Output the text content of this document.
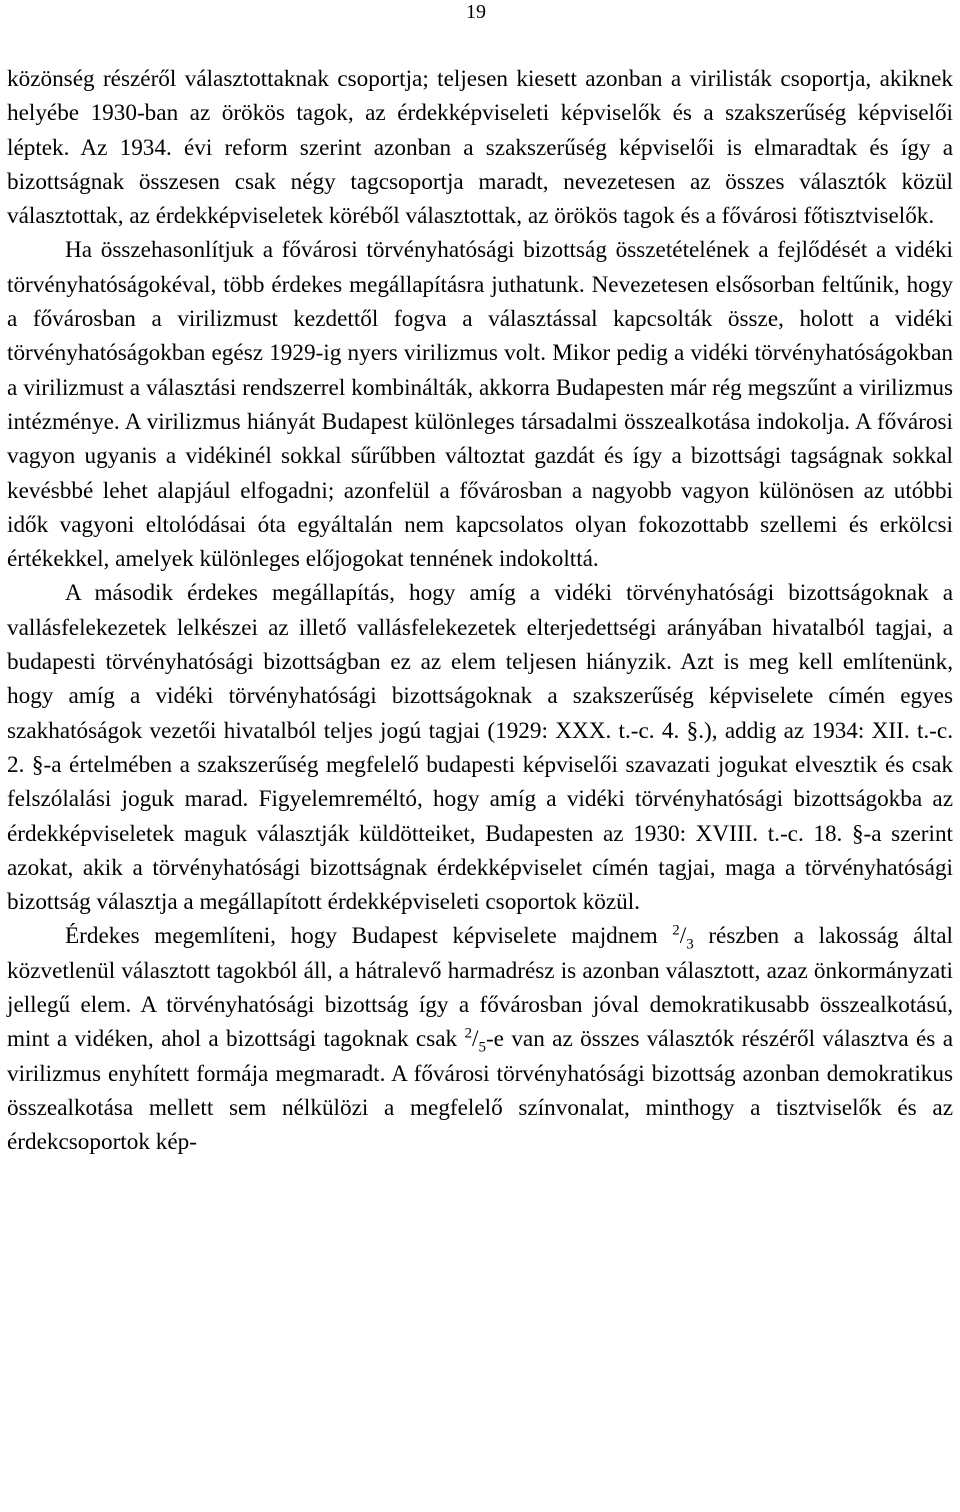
19

közönség részéről választottaknak csoportja; teljesen kiesett azonban a virilisták csoportja, akiknek helyébe 1930-ban az örökös tagok, az érdekképviseleti képviselők és a szakszerűség képviselői léptek. Az 1934. évi reform szerint azonban a szakszerűség képviselői is elmaradtak és így a bizottságnak összesen csak négy tagcsoportja maradt, nevezetesen az összes választók közül választottak, az érdekképviseletek köréből választottak, az örökös tagok és a fővárosi főtisztviselők.

Ha összehasonlítjuk a fővárosi törvényhatósági bizottság összetételének a fejlődését a vidéki törvényhatóságokéval, több érdekes megállapításra juthatunk. Nevezetesen elsősorban feltűnik, hogy a fővárosban a virilizmust kezdettől fogva a választással kapcsolták össze, holott a vidéki törvényhatóságokban egész 1929-ig nyers virilizmus volt. Mikor pedig a vidéki törvényhatóságokban a virilizmust a választási rendszerrel kombinálták, akkorra Budapesten már rég megszűnt a virilizmus intézménye. A virilizmus hiányát Budapest különleges társadalmi összealkotása indokolja. A fővárosi vagyon ugyanis a vidékinél sokkal sűrűbben változtat gazdát és így a bizottsági tagságnak sokkal kevésbbé lehet alapjául elfogadni; azonfelül a fővárosban a nagyobb vagyon különösen az utóbbi idők vagyoni eltolódásai óta egyáltalán nem kapcsolatos olyan fokozottabb szellemi és erkölcsi értékekkel, amelyek különleges előjogokat tennének indokolttá.

A második érdekes megállapítás, hogy amíg a vidéki törvényhatósági bizottságoknak a vallásfelekezetek lelkészei az illető vallásfelekezetek elterjedettségi arányában hivatalból tagjai, a budapesti törvényhatósági bizottságban ez az elem teljesen hiányzik. Azt is meg kell említenünk, hogy amíg a vidéki törvényhatósági bizottságoknak a szakszerűség képviselete címén egyes szakhatóságok vezetői hivatalból teljes jogú tagjai (1929: XXX. t.-c. 4. §.), addig az 1934: XII. t.-c. 2. §-a értelmében a szakszerűség megfelelő budapesti képviselői szavazati jogukat elvesztik és csak felszólalási joguk marad. Figyelemreméltó, hogy amíg a vidéki törvényhatósági bizottságokba az érdekképviseletek maguk választják küldötteiket, Budapesten az 1930: XVIII. t.-c. 18. §-a szerint azokat, akik a törvényhatósági bizottságnak érdekképviselet címén tagjai, maga a törvényhatósági bizottság választja a megállapított érdekképviseleti csoportok közül.

Érdekes megemlíteni, hogy Budapest képviselete majdnem $^2/_3$ részben a lakosság által közvetlenül választott tagokból áll, a hátralevő harmadrész is azonban választott, azaz önkormányzati jellegű elem. A törvényhatósági bizottság így a fővárosban jóval demokratikusabb összealkotású, mint a vidéken, ahol a bizottsági tagoknak csak $^2/_5-e$ van az összes választók részéről választva és a virilizmus enyhített formája megmaradt. A fővárosi törvényhatósági bizottság azonban demokratikus összealkotása mellett sem nélkülözi a megfelelő színvonalat, minthogy a tisztviselők és az érdekcsoportok kép-
